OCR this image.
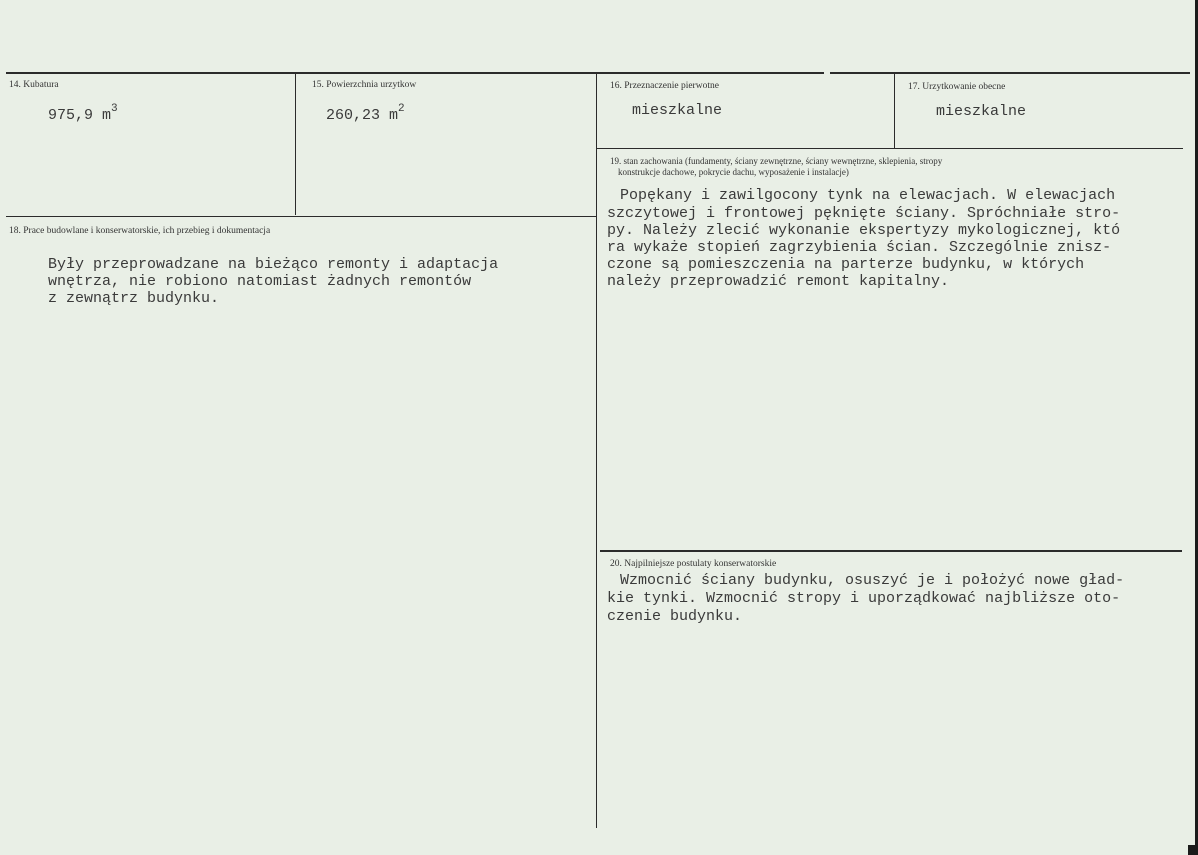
14. Kubatura
975,9 $m^3$
15. Powierzchnia urzytkow
260,23 $m^2$
16. Przeznaczenie pierwotne
mieszkalne
17. Urzytkowanie obecne
mieszkalne
18. Prace budowlane i konserwatorskie, ich przebieg i dokumentacja
Były przeprowadzane na bieżąco remonty i adaptacja
wnętrza, nie robiono natomiast żadnych remontów
z zewnątrz budynku.
19. stan zachowania (fundamenty, ściany zewnętrzne, ściany wewnętrzne, sklepienia, stropy
konstrukcje dachowe, pokrycie dachu, wyposażenie i instalacje)
Popękany i zawilgocony tynk na elewacjach. W elewacjach
szczytowej i frontowej pęknięte ściany. Spróchniałe stro-
py. Należy zlecić wykonanie ekspertyzy mykologicznej, któ
ra wykaże stopień zagrzybienia ścian. Szczególnie znisz-
czone są pomieszczenia na parterze budynku, w których
należy przeprowadzić remont kapitalny.
20. Najpilniejsze postulaty konserwatorskie
Wzmocnić ściany budynku, osuszyć je i położyć nowe gład-
kie tynki. Wzmocnić stropy i uporządkować najbliższe oto-
czenie budynku.
